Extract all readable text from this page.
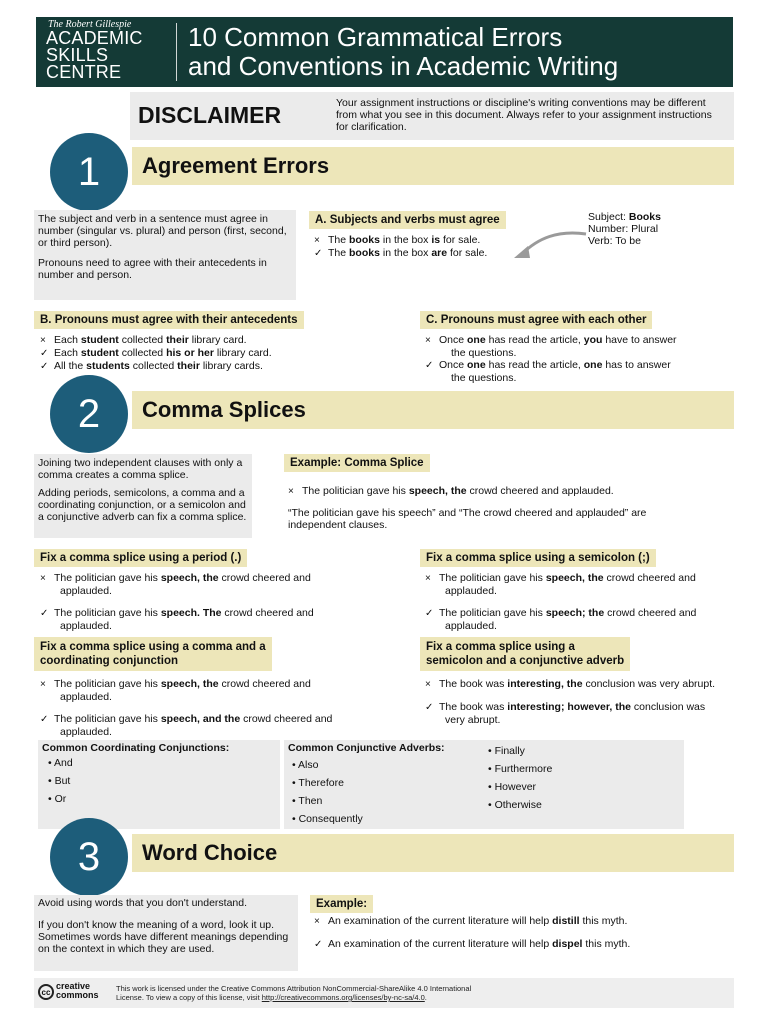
The Robert Gillespie
ACADEMIC
SKILLS
CENTRE
10 Common Grammatical Errors
and Conventions in Academic Writing
DISCLAIMER	Your assignment instructions or discipline's writing conventions may be different from what you see in this document. Always refer to your assignment instructions for clarification.
Agreement Errors
1
The subject and verb in a sentence must agree in number (singular vs. plural) and person (first, second, or third person).
Pronouns need to agree with their antecedents in number and person.
A. Subjects and verbs must agree
× The books in the box is for sale.
✓ The books in the box are for sale.
Subject: Books
Number: Plural
Verb: To be
B. Pronouns must agree with their antecedents
× Each student collected their library card.
✓ Each student collected his or her library card.
✓ All the students collected their library cards.
C. Pronouns must agree with each other
× Once one has read the article, you have to answer
the questions.
✓ Once one has read the article, one has to answer
the questions.
Comma Splices
2
Joining two independent clauses with only a comma creates a comma splice.
Adding periods, semicolons, a comma and a coordinating conjunction, or a semicolon and a conjunctive adverb can fix a comma splice.
Example: Comma Splice
× The politician gave his speech, the crowd cheered and applauded.
“The politician gave his speech” and “The crowd cheered and applauded” are independent clauses.
Fix a comma splice using a period (.)
× The politician gave his speech, the crowd cheered and
applauded.
✓ The politician gave his speech. The crowd cheered and
applauded.
Fix a comma splice using a semicolon (;)
× The politician gave his speech, the crowd cheered and
applauded.
✓ The politician gave his speech; the crowd cheered and
applauded.
Fix a comma splice using a comma and a
coordinating conjunction
× The politician gave his speech, the crowd cheered and
applauded.
✓ The politician gave his speech, and the crowd cheered and
applauded.
Fix a comma splice using a
semicolon and a conjunctive adverb
× The book was interesting, the conclusion was very abrupt.
✓ The book was interesting; however, the conclusion was
very abrupt.
Common Coordinating Conjunctions:
• And
• But
• Or
Common Conjunctive Adverbs:
• Also
• Therefore
• Then
• Consequently
• Finally
• Furthermore
• However
• Otherwise
Word Choice
3
Avoid using words that you don't understand.
If you don't know the meaning of a word, look it up. Sometimes words have different meanings depending on the context in which they are used.
Example:
× An examination of the current literature will help distill this myth.
✓ An examination of the current literature will help dispel this myth.
cc
creative
commons
This work is licensed under the Creative Commons Attribution NonCommercial-ShareAlike 4.0 International
License. To view a copy of this license, visit http://creativecommons.org/licenses/by-nc-sa/4.0.
